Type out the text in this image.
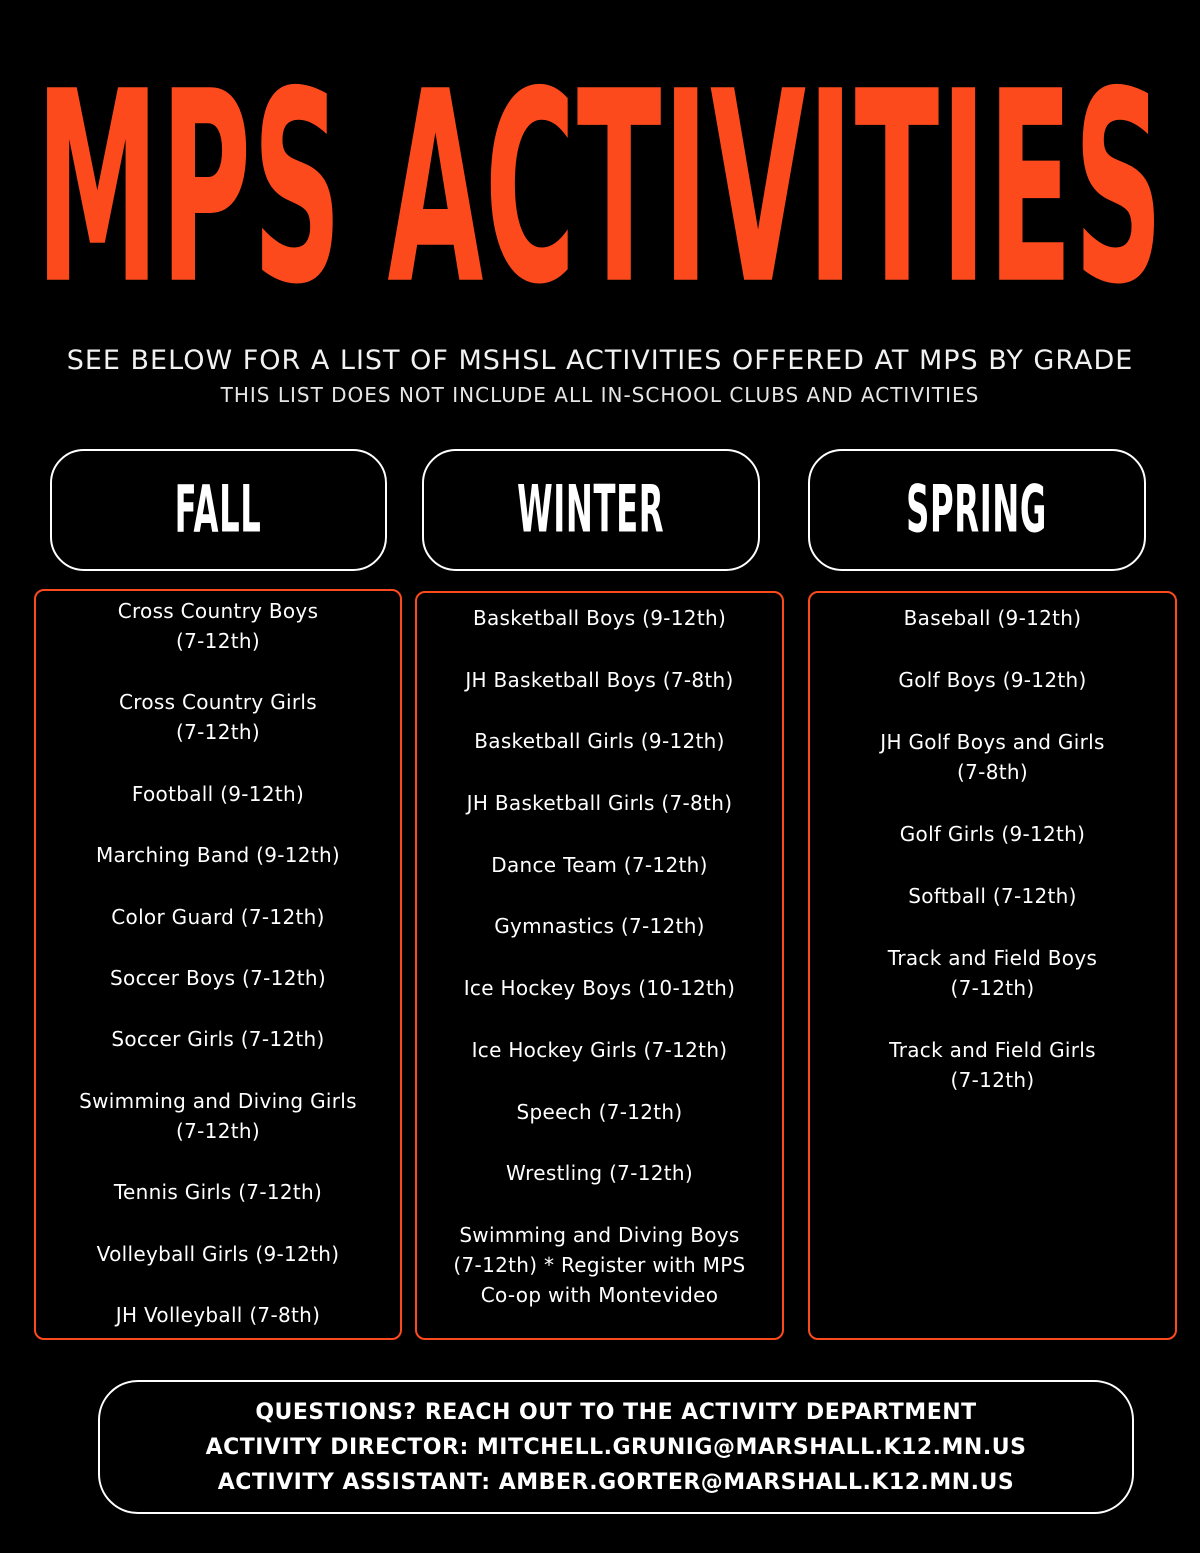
MPS ACTIVITIES
SEE BELOW FOR A LIST OF MSHSL ACTIVITIES OFFERED AT MPS BY GRADE
THIS LIST DOES NOT INCLUDE ALL IN-SCHOOL CLUBS AND ACTIVITIES
FALL	WINTER	SPRING
Cross Country Boys
(7-12th)
Cross Country Girls
(7-12th)
Football (9-12th)
Marching Band (9-12th)
Color Guard (7-12th)
Soccer Boys (7-12th)
Soccer Girls (7-12th)
Swimming and Diving Girls
(7-12th)
Tennis Girls (7-12th)
Volleyball Girls (9-12th)
JH Volleyball (7-8th)
Basketball Boys (9-12th)
JH Basketball Boys (7-8th)
Basketball Girls (9-12th)
JH Basketball Girls (7-8th)
Dance Team (7-12th)
Gymnastics (7-12th)
Ice Hockey Boys (10-12th)
Ice Hockey Girls (7-12th)
Speech (7-12th)
Wrestling (7-12th)
Swimming and Diving Boys
(7-12th) * Register with MPS
Co-op with Montevideo
Baseball (9-12th)
Golf Boys (9-12th)
JH Golf Boys and Girls
(7-8th)
Golf Girls (9-12th)
Softball (7-12th)
Track and Field Boys
(7-12th)
Track and Field Girls
(7-12th)
QUESTIONS? REACH OUT TO THE ACTIVITY DEPARTMENT
ACTIVITY DIRECTOR: MITCHELL.GRUNIG@MARSHALL.K12.MN.US
ACTIVITY ASSISTANT: AMBER.GORTER@MARSHALL.K12.MN.US
